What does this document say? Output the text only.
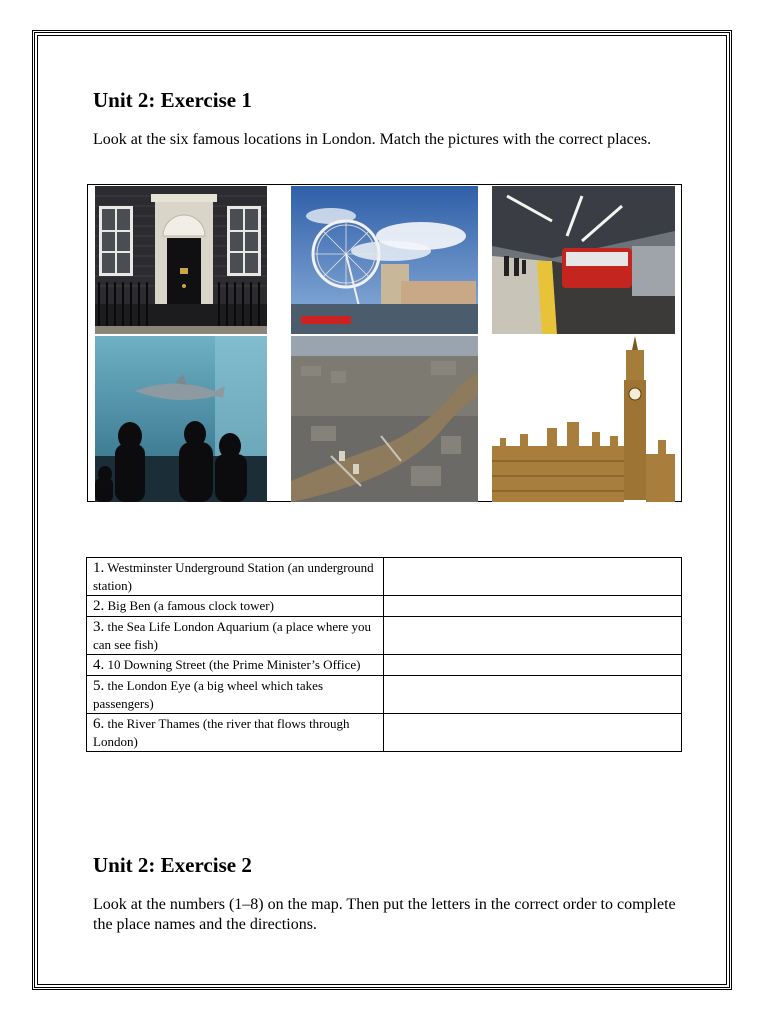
Unit 2: Exercise 1

Look at the six famous locations in London. Match the pictures with the correct places.

1. Westminster Underground Station (an underground station)	
2. Big Ben (a famous clock tower)	
3. the Sea Life London Aquarium (a place where you can see fish)	
4. 10 Downing Street (the Prime Minister’s Office)	
5. the London Eye (a big wheel which takes passengers)	
6. the River Thames (the river that flows through London)	
Unit 2: Exercise 2

Look at the numbers (1–8) on the map. Then put the letters in the correct order to complete the place names and the directions.
